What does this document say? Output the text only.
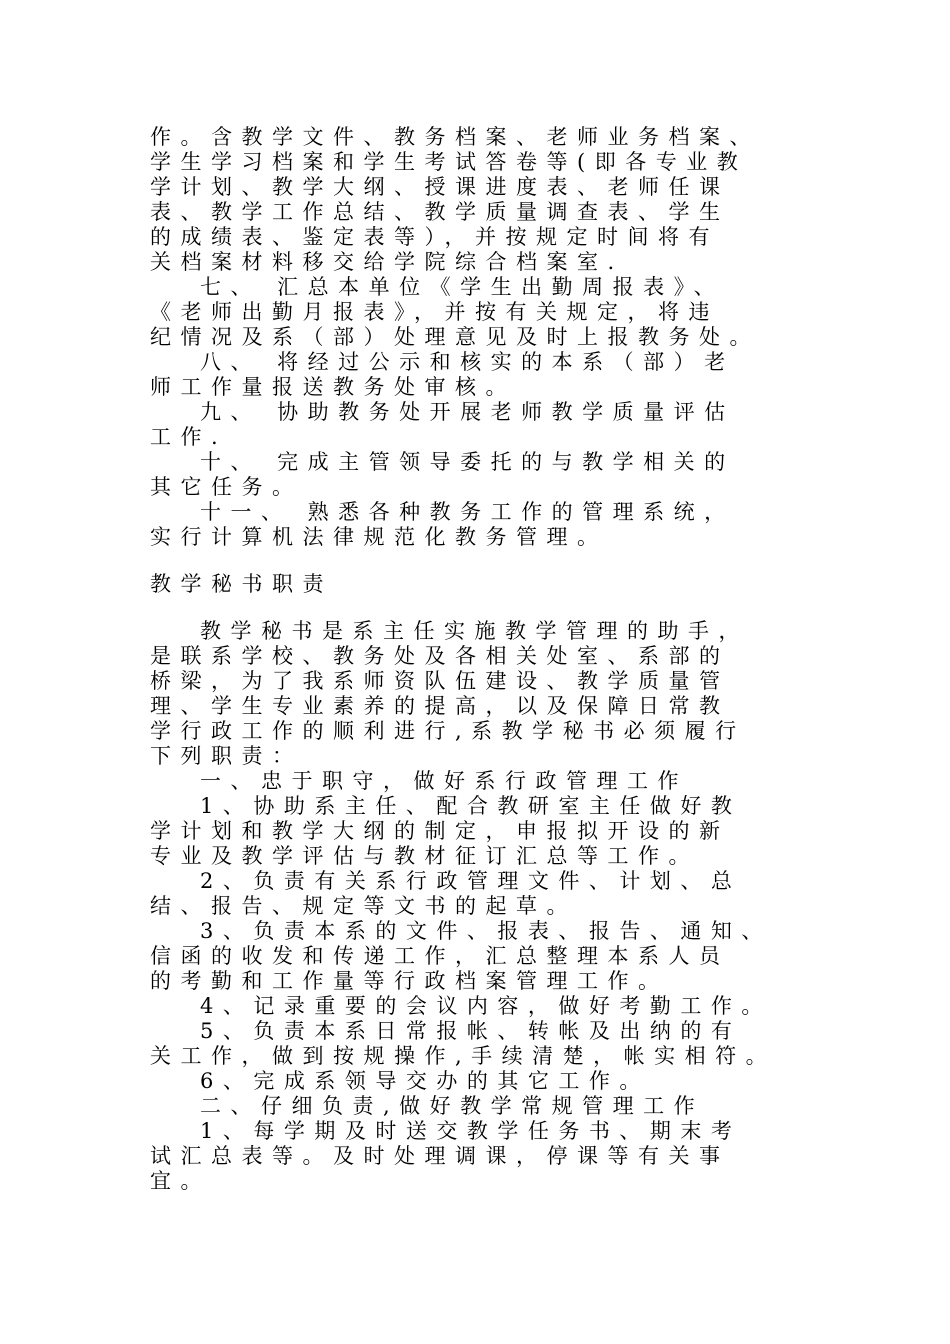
作。含教学文件、教务档案、老师业务档案、
学生学习档案和学生考试答卷等(即各专业教
学计划、教学大纲、授课进度表、老师任课
表、教学工作总结、教学质量调查表、学生
的成绩表、鉴定表等），并按规定时间将有
关档案材料移交给学院综合档案室.
七、 汇总本单位《学生出勤周报表》、
《老师出勤月报表》，并按有关规定，将违
纪情况及系（部）处理意见及时上报教务处。
八、 将经过公示和核实的本系（部）老
师工作量报送教务处审核。
九、 协助教务处开展老师教学质量评估
工作.
十、 完成主管领导委托的与教学相关的
其它任务。
十一、 熟悉各种教务工作的管理系统，
实行计算机法律规范化教务管理。
教学秘书职责
教学秘书是系主任实施教学管理的助手，
是联系学校、教务处及各相关处室、系部的
桥梁，为了我系师资队伍建设、教学质量管
理、学生专业素养的提高，以及保障日常教
学行政工作的顺利进行,系教学秘书必须履行
下列职责：
一、忠于职守，做好系行政管理工作
1、协助系主任、配合教研室主任做好教
学计划和教学大纲的制定，申报拟开设的新
专业及教学评估与教材征订汇总等工作。
2、负责有关系行政管理文件、计划、总
结、报告、规定等文书的起草。
3、负责本系的文件、报表、报告、通知、
信函的收发和传递工作，汇总整理本系人员
的考勤和工作量等行政档案管理工作。
4、记录重要的会议内容，做好考勤工作。
5、负责本系日常报帐、转帐及出纳的有
关工作，做到按规操作,手续清楚，帐实相符。
6、完成系领导交办的其它工作。
二、仔细负责,做好教学常规管理工作
1、每学期及时送交教学任务书、期末考
试汇总表等。及时处理调课，停课等有关事
宜。
